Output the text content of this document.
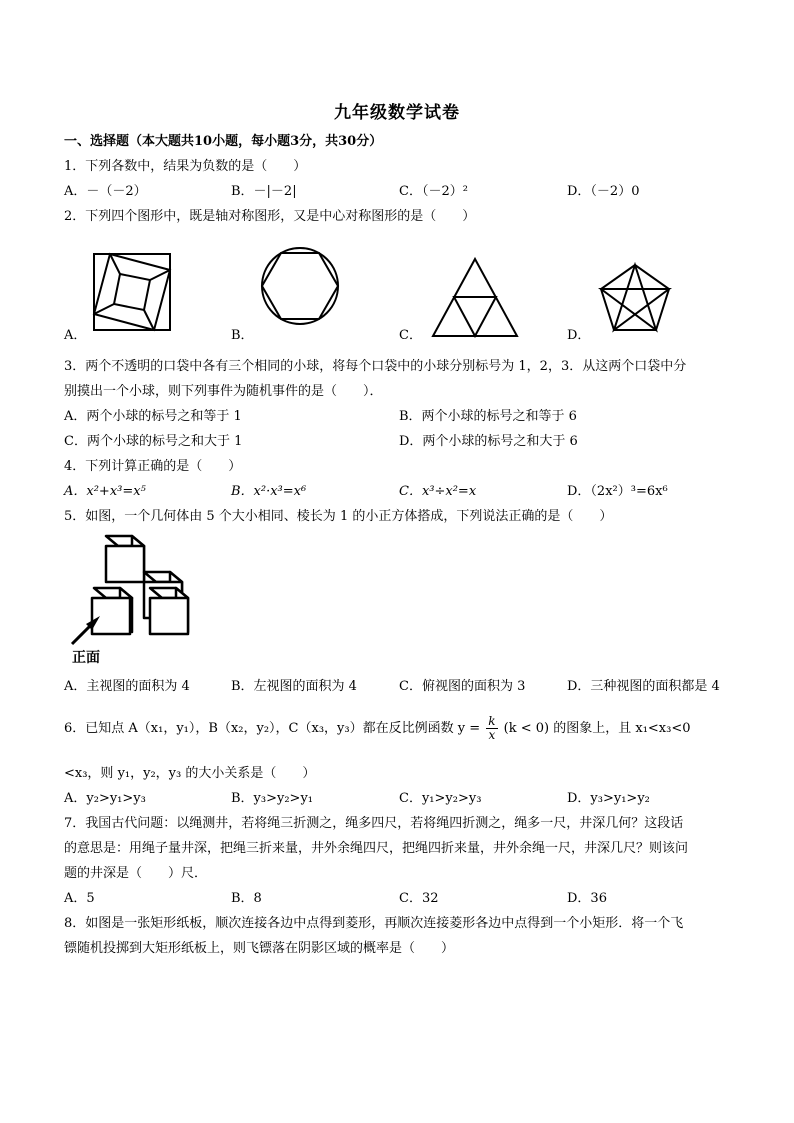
九年级数学试卷
一、选择题（本大题共10小题，每小题3分，共30分）
1．下列各数中，结果为负数的是（　　）
A．－（－2）	B．－|－2|	C．（－2）²	D．（－2）0
2．下列四个图形中，既是轴对称图形，又是中心对称图形的是（　　）
A．	B．	C．	D．
3．两个不透明的口袋中各有三个相同的小球，将每个口袋中的小球分别标号为 1，2，3．从这两个口袋中分
别摸出一个小球，则下列事件为随机事件的是（　　）．
A．两个小球的标号之和等于 1	B．两个小球的标号之和等于 6
C．两个小球的标号之和大于 1	D．两个小球的标号之和大于 6
4．下列计算正确的是（　　）
A．x²+x³=x⁵	B．x²·x³=x⁶	C．x³÷x²=x	D．（2x²）³=6x⁶
5．如图，一个几何体由 5 个大小相同、棱长为 1 的小正方体搭成，下列说法正确的是（　　）
正面
A．主视图的面积为 4	B．左视图的面积为 4	C．俯视图的面积为 3	D．三种视图的面积都是 4
6．已知点 A（x₁，y₁），B（x₂，y₂），C（x₃，y₃）都在反比例函数 $y = \frac{k}{x} (k < 0)$ 的图象上，且 x₁<x₃<0
<x₃，则 y₁，y₂，y₃ 的大小关系是（　　）
A．y₂>y₁>y₃	B．y₃>y₂>y₁	C．y₁>y₂>y₃	D．y₃>y₁>y₂
7．我国古代问题：以绳测井，若将绳三折测之，绳多四尺，若将绳四折测之，绳多一尺，井深几何？这段话
的意思是：用绳子量井深，把绳三折来量，井外余绳四尺，把绳四折来量，井外余绳一尺，井深几尺？则该问
题的井深是（　　）尺．
A．5	B．8	C．32	D．36
8．如图是一张矩形纸板，顺次连接各边中点得到菱形，再顺次连接菱形各边中点得到一个小矩形．将一个飞
镖随机投掷到大矩形纸板上，则飞镖落在阴影区域的概率是（　　）
